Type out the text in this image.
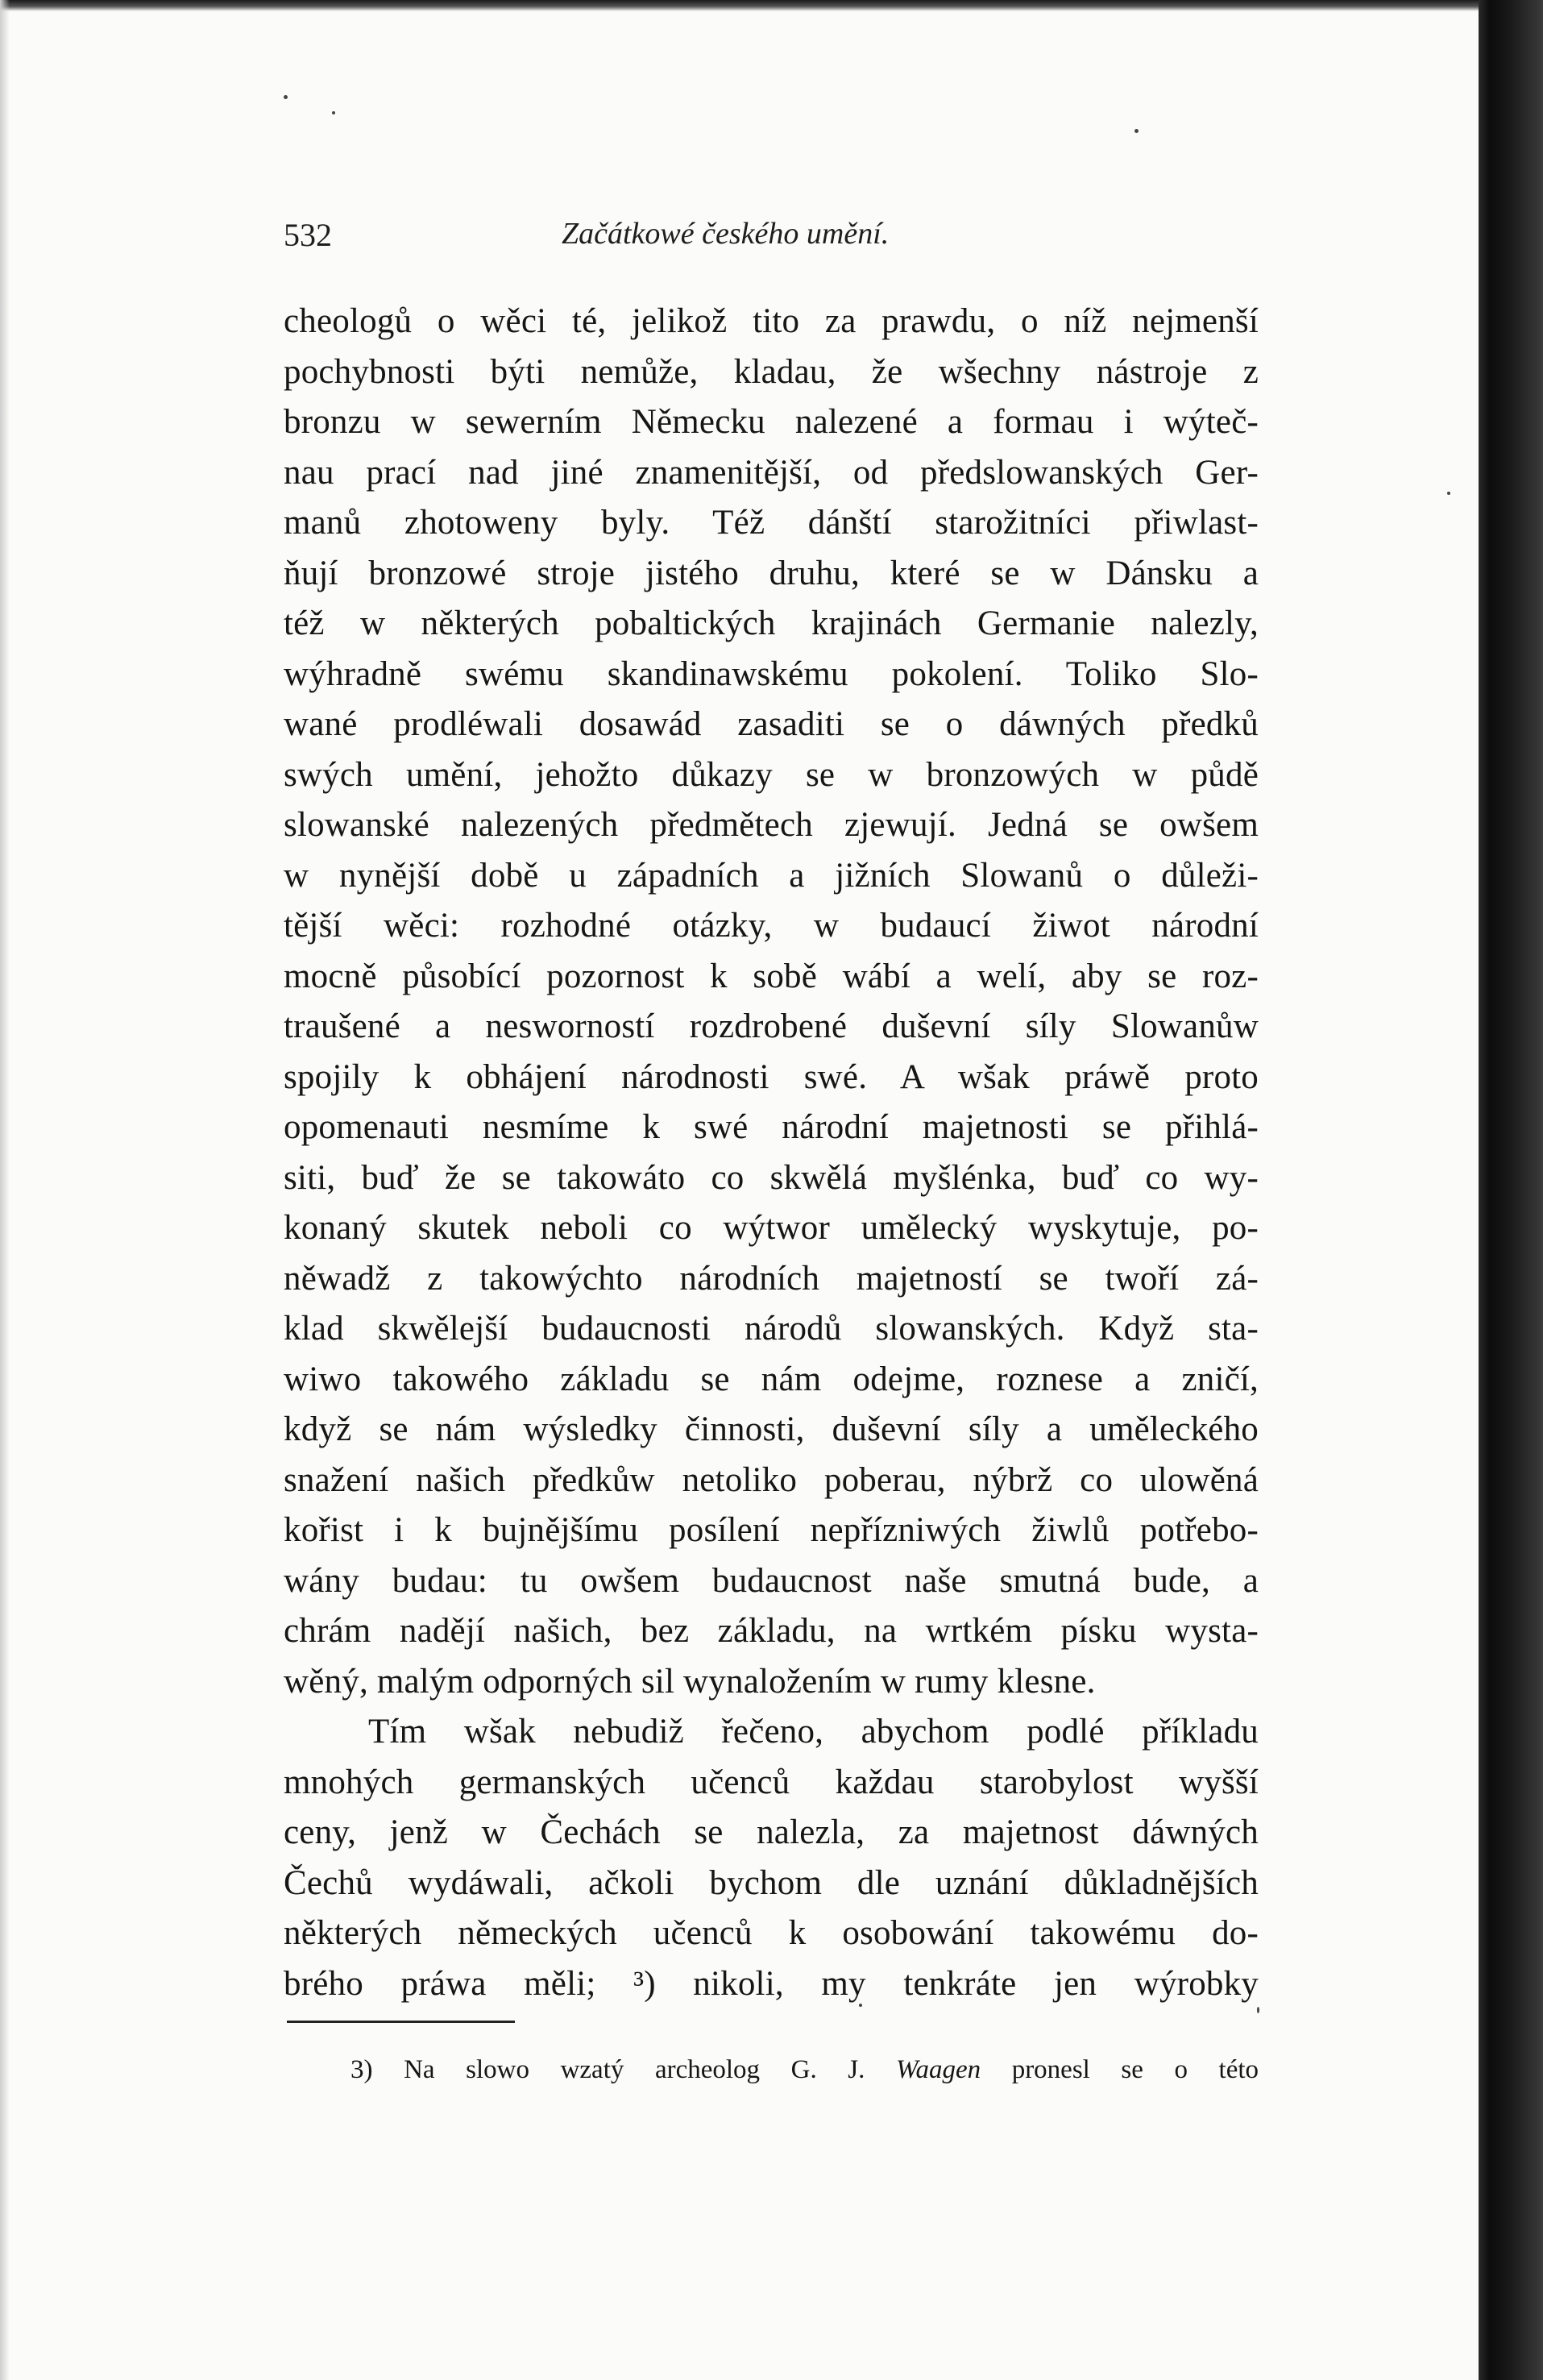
532	Začátkowé českého umění.
cheologů o wěci té, jelikož tito za prawdu, o níž nejmenší
pochybnosti býti nemůže, kladau, že wšechny nástroje z
bronzu w sewerním Německu nalezené a formau i wýteč-
nau prací nad jiné znamenitější, od předslowanských Ger-
manů zhotoweny byly. Též dánští starožitníci přiwlast-
ňují bronzowé stroje jistého druhu, které se w Dánsku a
též w některých pobaltických krajinách Germanie nalezly,
wýhradně swému skandinawskému pokolení. Toliko Slo-
wané prodléwali dosawád zasaditi se o dáwných předků
swých umění, jehožto důkazy se w bronzowých w půdě
slowanské nalezených předmětech zjewují. Jedná se owšem
w nynější době u západních a jižních Slowanů o důleži-
tější wěci: rozhodné otázky, w budaucí žiwot národní
mocně působící pozornost k sobě wábí a welí, aby se roz-
traušené a nesworností rozdrobené duševní síly Slowanůw
spojily k obhájení národnosti swé. A wšak práwě proto
opomenauti nesmíme k swé národní majetnosti se přihlá-
siti, buď že se takowáto co skwělá myšlénka, buď co wy-
konaný skutek neboli co wýtwor umělecký wyskytuje, po-
něwadž z takowýchto národních majetností se twoří zá-
klad skwělejší budaucnosti národů slowanských. Když sta-
wiwo takowého základu se nám odejme, roznese a zničí,
když se nám wýsledky činnosti, duševní síly a uměleckého
snažení našich předkůw netoliko poberau, nýbrž co ulowěná
kořist i k bujnějšímu posílení nepřízniwých žiwlů potřebo-
wány budau: tu owšem budaucnost naše smutná bude, a
chrám nadějí našich, bez základu, na wrtkém písku wysta-
wěný, malým odporných sil wynaložením w rumy klesne.
Tím wšak nebudiž řečeno, abychom podlé příkladu
mnohých germanských učenců každau starobylost wyšší
ceny, jenž w Čechách se nalezla, za majetnost dáwných
Čechů wydáwali, ačkoli bychom dle uznání důkladnějších
některých německých učenců k osobowání takowému do-
brého práwa měli; ³) nikoli, my tenkráte jen wýrobky
3) Na slowo wzatý archeolog G. J. Waagen pronesl se o této
